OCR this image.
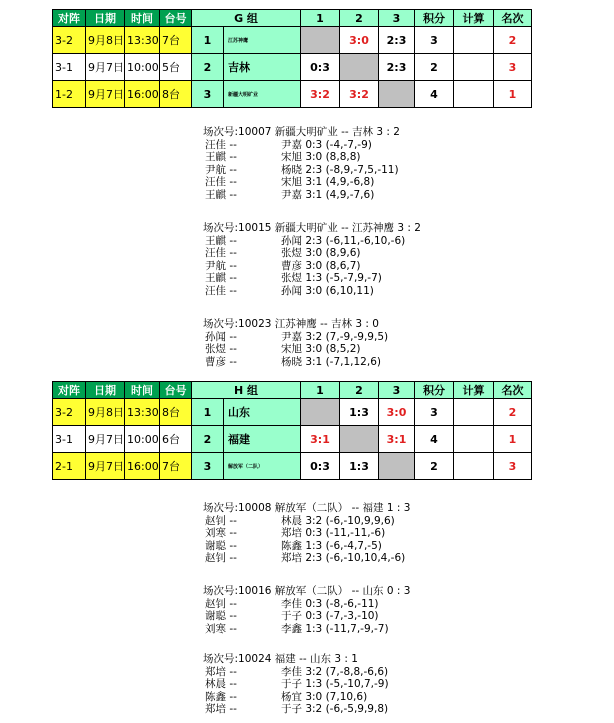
对阵	日期	时间	台号	G 组		1	2	3	积分	计算	名次
3-2	9月8日	13:30	7台	1	江苏神鹰		3:0	2:3	3		2
3-1	9月7日	10:00	5台	2	吉林	0:3		2:3	2		3
1-2	9月7日	16:00	8台	3	新疆大明矿业	3:2	3:2		4		1
场次号:10007 新疆大明矿业 -- 吉林 3 : 2
汪佳 --	尹嘉 0:3 (-4,-7,-9)
王麒 --	宋旭 3:0 (8,8,8)
尹航 --	杨晓 2:3 (-8,9,-7,5,-11)
汪佳 --	宋旭 3:1 (4,9,-6,8)
王麒 --	尹嘉 3:1 (4,9,-7,6)
场次号:10015 新疆大明矿业 -- 江苏神鹰 3 : 2
王麒 --	孙闻 2:3 (-6,11,-6,10,-6)
汪佳 --	张煜 3:0 (8,9,6)
尹航 --	曹彦 3:0 (8,6,7)
王麒 --	张煜 1:3 (-5,-7,9,-7)
汪佳 --	孙闻 3:0 (6,10,11)
场次号:10023 江苏神鹰 -- 吉林 3 : 0
孙闻 --	尹嘉 3:2 (7,-9,-9,9,5)
张煜 --	宋旭 3:0 (8,5,2)
曹彦 --	杨晓 3:1 (-7,1,12,6)
对阵	日期	时间	台号	H 组		1	2	3	积分	计算	名次
3-2	9月8日	13:30	8台	1	山东		1:3	3:0	3		2
3-1	9月7日	10:00	6台	2	福建	3:1		3:1	4		1
2-1	9月7日	16:00	7台	3	解放军（二队）	0:3	1:3		2		3
场次号:10008 解放军（二队） -- 福建 1 : 3
赵钊 --	林晨 3:2 (-6,-10,9,9,6)
刘寒 --	郑培 0:3 (-11,-11,-6)
谢聪 --	陈鑫 1:3 (-6,-4,7,-5)
赵钊 --	郑培 2:3 (-6,-10,10,4,-6)
场次号:10016 解放军（二队） -- 山东 0 : 3
赵钊 --	李佳 0:3 (-8,-6,-11)
谢聪 --	于子 0:3 (-7,-3,-10)
刘寒 --	李鑫 1:3 (-11,7,-9,-7)
场次号:10024 福建 -- 山东 3 : 1
郑培 --	李佳 3:2 (7,-8,8,-6,6)
林晨 --	于子 1:3 (-5,-10,7,-9)
陈鑫 --	杨宜 3:0 (7,10,6)
郑培 --	于子 3:2 (-6,-5,9,9,8)
